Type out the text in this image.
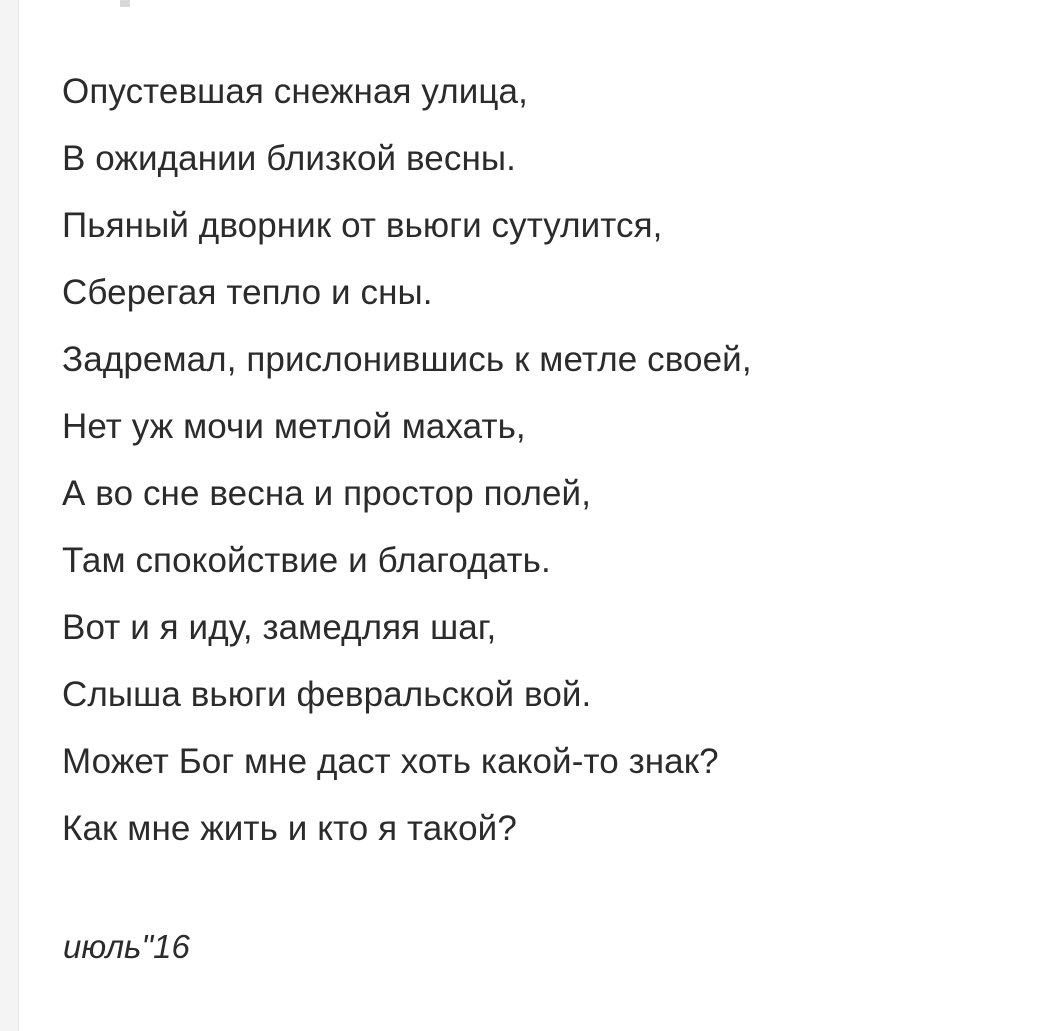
Опустевшая снежная улица,
В ожидании близкой весны.
Пьяный дворник от вьюги сутулится,
Сберегая тепло и сны.
Задремал, прислонившись к метле своей,
Нет уж мочи метлой махать,
А во сне весна и простор полей,
Там спокойствие и благодать.
Вот и я иду, замедляя шаг,
Слыша вьюги февральской вой.
Может Бог мне даст хоть какой-то знак?
Как мне жить и кто я такой?
июль"16
